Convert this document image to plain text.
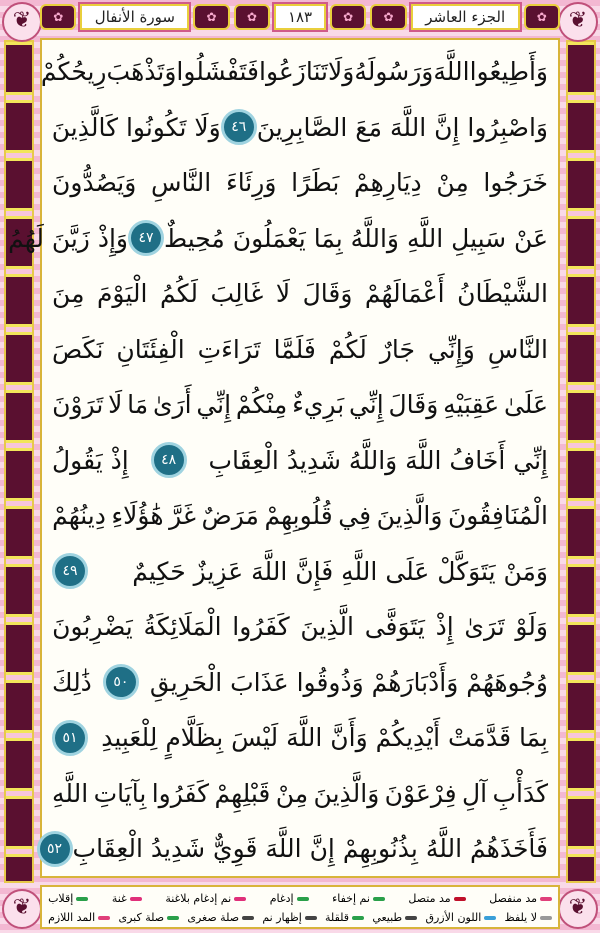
❦	❦
❦	❦
✿
الجزء العاشر
✿
✿
١٨٣
✿
✿
سورة الأنفال
✿
وَأَطِيعُوا
اللَّهَ
وَرَسُولَهُ
وَلَا
تَنَازَعُوا
فَتَفْشَلُوا
وَتَذْهَبَ
رِيحُكُمْ
وَاصْبِرُوا إِنَّ اللَّهَ مَعَ الصَّابِرِينَ
٤٦
وَلَا تَكُونُوا كَالَّذِينَ
خَرَجُوا
مِنْ
دِيَارِهِمْ
بَطَرًا
وَرِئَاءَ
النَّاسِ
وَيَصُدُّونَ
عَنْ سَبِيلِ اللَّهِ وَاللَّهُ بِمَا يَعْمَلُونَ مُحِيطٌ
٤٧
وَإِذْ زَيَّنَ لَهُمُ
الشَّيْطَانُ
أَعْمَالَهُمْ
وَقَالَ
لَا
غَالِبَ
لَكُمُ
الْيَوْمَ
مِنَ
النَّاسِ
وَإِنِّي
جَارٌ
لَكُمْ
فَلَمَّا
تَرَاءَتِ
الْفِئَتَانِ
نَكَصَ
عَلَىٰ
عَقِبَيْهِ
وَقَالَ
إِنِّي
بَرِيءٌ
مِنْكُمْ
إِنِّي
أَرَىٰ
مَا
لَا
تَرَوْنَ
إِنِّي أَخَافُ اللَّهَ وَاللَّهُ شَدِيدُ الْعِقَابِ
٤٨
إِذْ يَقُولُ
الْمُنَافِقُونَ
وَالَّذِينَ
فِي
قُلُوبِهِمْ
مَرَضٌ
غَرَّ
هَٰؤُلَاءِ
دِينُهُمْ
وَمَنْ يَتَوَكَّلْ عَلَى اللَّهِ فَإِنَّ اللَّهَ عَزِيزٌ حَكِيمٌ
٤٩
وَلَوْ
تَرَىٰ
إِذْ
يَتَوَفَّى
الَّذِينَ
كَفَرُوا
الْمَلَائِكَةُ
يَضْرِبُونَ
وُجُوهَهُمْ وَأَدْبَارَهُمْ وَذُوقُوا عَذَابَ الْحَرِيقِ
٥٠
ذَٰلِكَ
بِمَا قَدَّمَتْ أَيْدِيكُمْ وَأَنَّ اللَّهَ لَيْسَ بِظَلَّامٍ لِلْعَبِيدِ
٥١
كَدَأْبِ
آلِ
فِرْعَوْنَ
وَالَّذِينَ
مِنْ
قَبْلِهِمْ
كَفَرُوا
بِآيَاتِ
اللَّهِ
فَأَخَذَهُمُ اللَّهُ بِذُنُوبِهِمْ إِنَّ اللَّهَ قَوِيٌّ شَدِيدُ الْعِقَابِ
٥٢
مد منفصل
مد متصل
نم إخفاء
إدغام
نم إدغام بلاغنة
غنة
إقلاب
لا يلفظ
اللون الأزرق
طبيعي
قلقلة
إظهار نم
صلة صغرى
صلة كبرى
المد اللازم
